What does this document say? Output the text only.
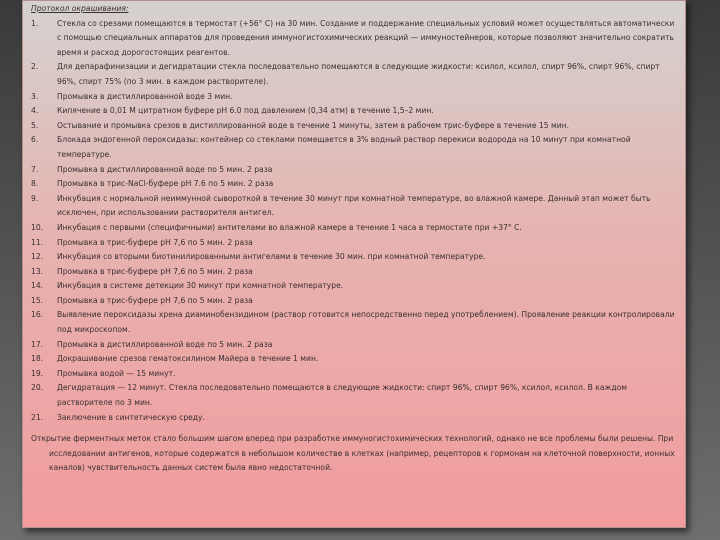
Протокол окрашивания:
1.	Стекла со срезами помещаются в термостат (+56° С) на 30 мин. Создание и поддержание специальных условий может осуществляться автоматически с помощью специальных аппаратов для проведения иммуногистохимических реакций — иммуностейнеров, которые позволяют значительно сократить время и расход дорогостоящих реагентов.
2.	Для депарафинизации и дегидратации стекла последовательно помещаются в следующие жидкости: ксилол, ксилол, спирт 96%, спирт 96%, спирт 96%, спирт 75% (по 3 мин. в каждом растворителе).
3.	Промывка в дистиллированной воде 3 мин.
4.	Кипячение в 0,01 М цитратном буфере pH 6.0 под давлением (0,34 атм) в течение 1,5–2 мин.
5.	Остывание и промывка срезов в дистиллированной воде в течение 1 минуты, затем в рабочем трис-буфере в течение 15 мин.
6.	Блокада эндогенной пероксидазы: контейнер со стеклами помещается в 3% водный раствор перекиси водорода на 10 минут при комнатной температуре.
7.	Промывка в дистиллированной воде по 5 мин. 2 раза
8.	Промывка в трис-NaCl-буфере pH 7.6 по 5 мин. 2 раза
9.	Инкубация с нормальной неиммунной сывороткой в течение 30 минут при комнатной температуре, во влажной камере. Данный этап может быть исключен, при использовании растворителя антигел.
10.	Инкубация с первыми (специфичными) антителами во влажной камере в течение 1 часа в термостате при +37° С.
11.	Промывка в трис-буфере pH 7,6 по 5 мин. 2 раза
12.	Инкубация со вторыми биотинилированными антигелами в течение 30 мин. при комнатной температуре.
13.	Промывка в трис-буфере pH 7,6 по 5 мин. 2 раза
14.	Инкубация в системе детекции 30 минут при комнатной температуре.
15.	Промывка в трис-буфере pH 7,6 по 5 мин. 2 раза
16.	Выявление пероксидазы хрена диаминобензидином (раствор готовится непосредственно перед употреблением). Проявление реакции контролировали под микроскопом.
17.	Промывка в дистиллированной воде по 5 мин. 2 раза
18.	Докрашивание срезов гематоксилином Майера в течение 1 мин.
19.	Промывка водой — 15 минут.
20.	Дегидратация — 12 минут. Стекла последовательно помещаются в следующие жидкости: спирт 96%, спирт 96%, ксилол, ксилол. В каждом растворителе по 3 мин.
21.	Заключение в синтетическую среду.
Открытие ферментных меток стало большим шагом вперед при разработке иммуногистохимических технологий, однако не все проблемы были решены. При исследовании антигенов, которые содержатся в небольшом количестве в клетках (например, рецепторов к гормонам на клеточной поверхности, ионных каналов) чувствительность данных систем была явно недостаточной.
